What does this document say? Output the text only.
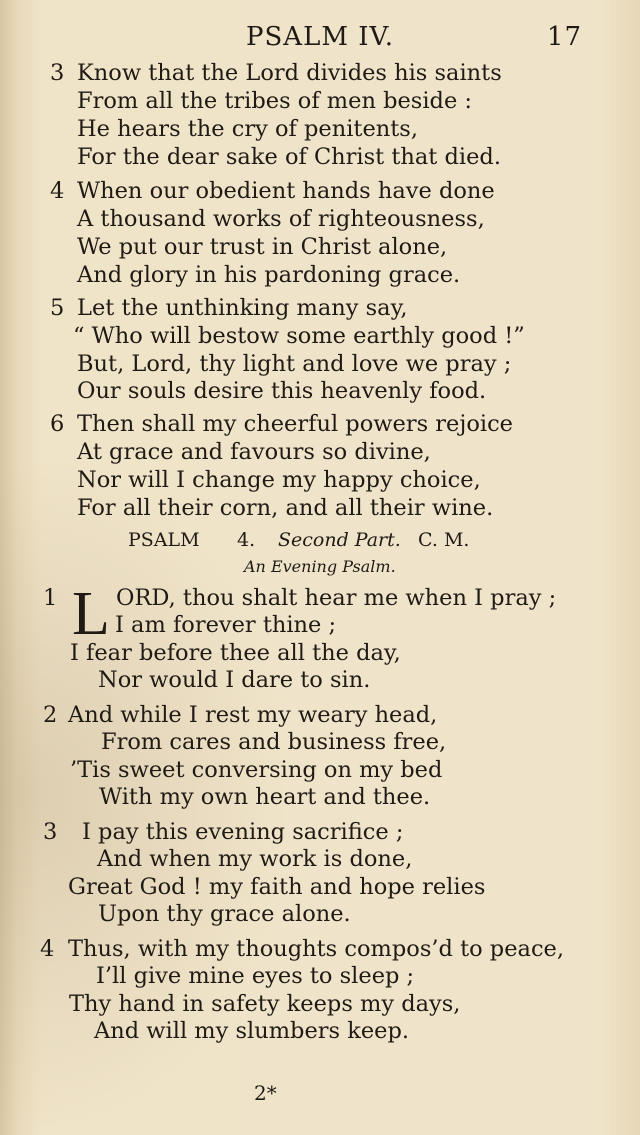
PSALM IV.	17
3 Know that the Lord divides his saints
From all the tribes of men beside :
He hears the cry of penitents,
For the dear sake of Christ that died.
4 When our obedient hands have done
A thousand works of righteousness,
We put our trust in Christ alone,
And glory in his pardoning grace.
5 Let the unthinking many say,
“ Who will bestow some earthly good !”
But, Lord, thy light and love we pray ;
Our souls desire this heavenly food.
6 Then shall my cheerful powers rejoice
At grace and favours so divine,
Nor will I change my happy choice,
For all their corn, and all their wine.
PSALM 4. Second Part. C. M.
An Evening Psalm.
1 L ORD, thou shalt hear me when I pray ;
I am forever thine ;
I fear before thee all the day,
Nor would I dare to sin.
2 And while I rest my weary head,
From cares and business free,
’Tis sweet conversing on my bed
With my own heart and thee.
3 I pay this evening sacrifice ;
And when my work is done,
Great God ! my faith and hope relies
Upon thy grace alone.
4 Thus, with my thoughts compos’d to peace,
I’ll give mine eyes to sleep ;
Thy hand in safety keeps my days,
And will my slumbers keep.
2*
